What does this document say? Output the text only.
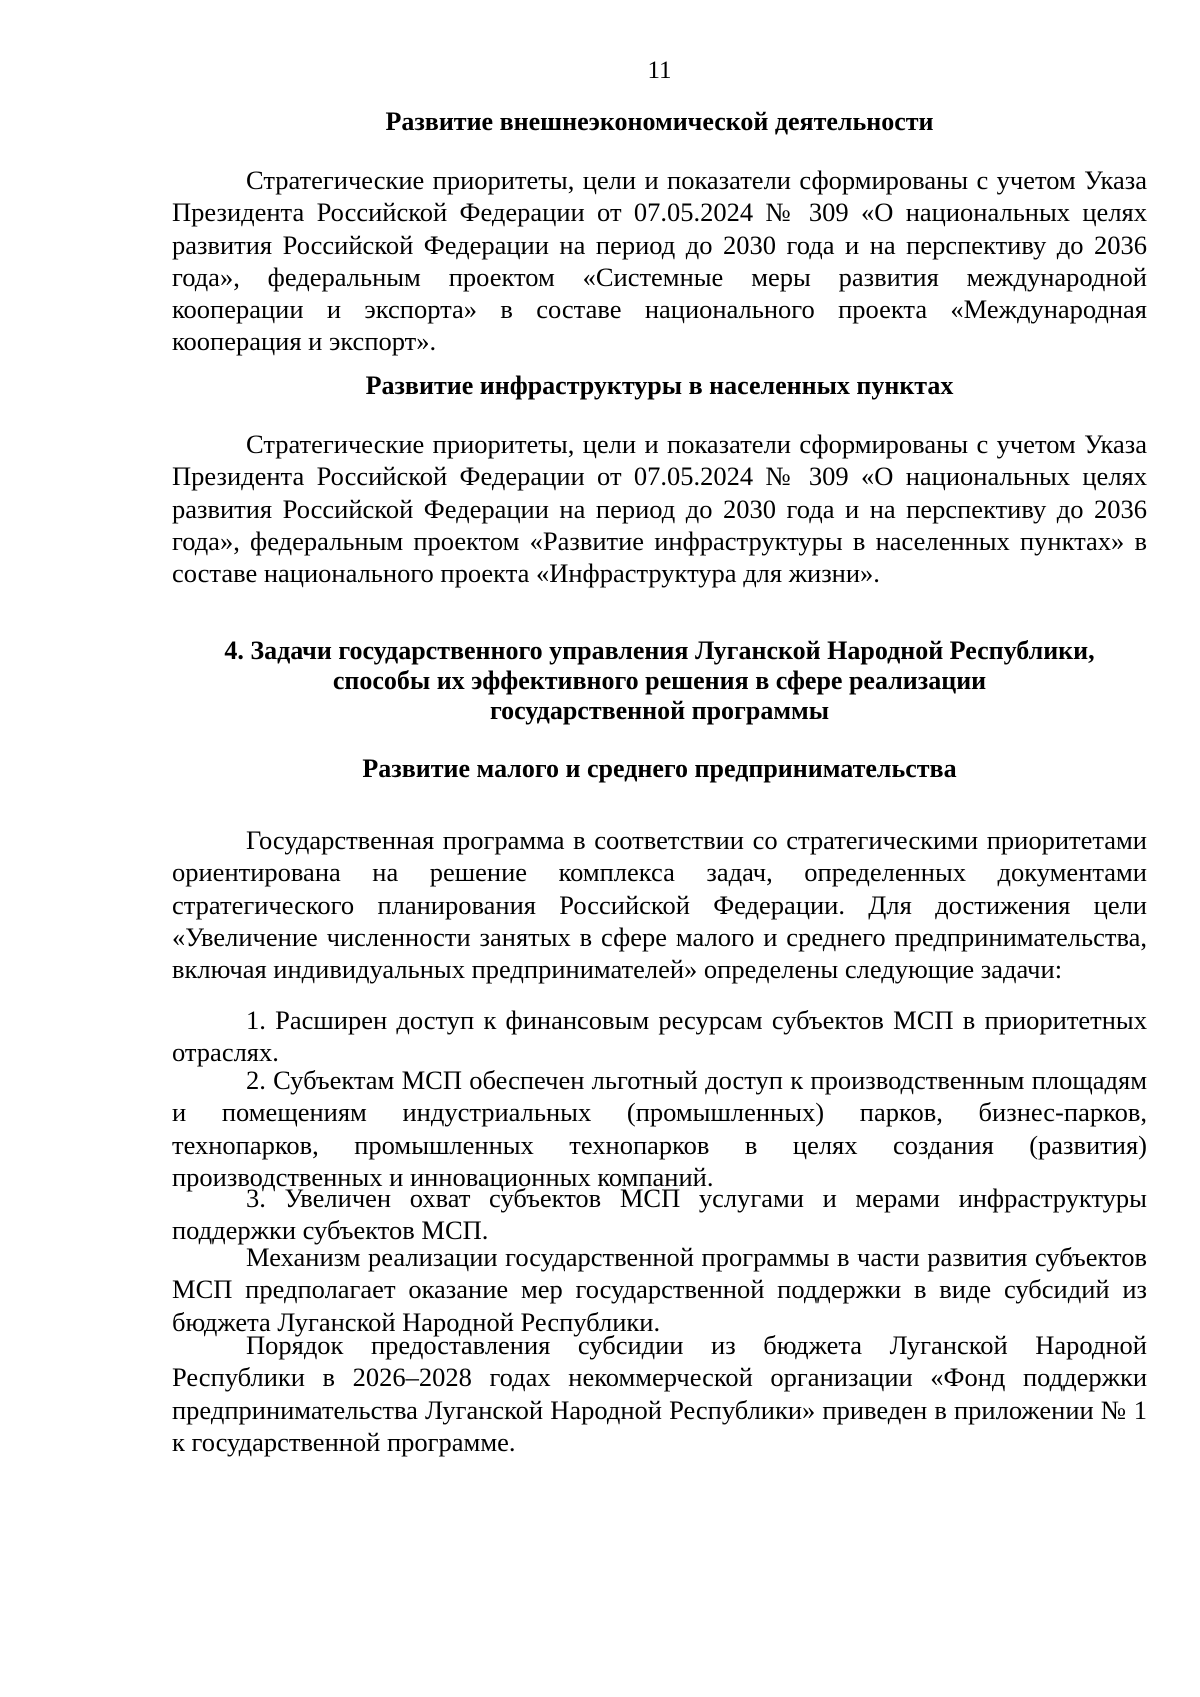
11
Развитие внешнеэкономической деятельности

Стратегические приоритеты, цели и показатели сформированы с учетом Указа Президента Российской Федерации от 07.05.2024 № 309 «О национальных целях развития Российской Федерации на период до 2030 года и на перспективу до 2036 года», федеральным проектом «Системные меры развития международной кооперации и экспорта» в составе национального проекта «Международная кооперация и экспорт».

Развитие инфраструктуры в населенных пунктах

Стратегические приоритеты, цели и показатели сформированы с учетом Указа Президента Российской Федерации от 07.05.2024 № 309 «О национальных целях развития Российской Федерации на период до 2030 года и на перспективу до 2036 года», федеральным проектом «Развитие инфраструктуры в населенных пунктах» в составе национального проекта «Инфраструктура для жизни».

4. Задачи государственного управления Луганской Народной Республики,
способы их эффективного решения в сфере реализации
государственной программы
Развитие малого и среднего предпринимательства

Государственная программа в соответствии со стратегическими приоритетами ориентирована на решение комплекса задач, определенных документами стратегического планирования Российской Федерации. Для достижения цели «Увеличение численности занятых в сфере малого и среднего предпринимательства, включая индивидуальных предпринимателей» определены следующие задачи:

1. Расширен доступ к финансовым ресурсам субъектов МСП в приоритетных отраслях.

2. Субъектам МСП обеспечен льготный доступ к производственным площадям и помещениям индустриальных (промышленных) парков, бизнес-парков, технопарков, промышленных технопарков в целях создания (развития) производственных и инновационных компаний.

3. Увеличен охват субъектов МСП услугами и мерами инфраструктуры поддержки субъектов МСП.

Механизм реализации государственной программы в части развития субъектов МСП предполагает оказание мер государственной поддержки в виде субсидий из бюджета Луганской Народной Республики.

Порядок предоставления субсидии из бюджета Луганской Народной Республики в 2026–2028 годах некоммерческой организации «Фонд поддержки предпринимательства Луганской Народной Республики» приведен в приложении № 1 к государственной программе.
